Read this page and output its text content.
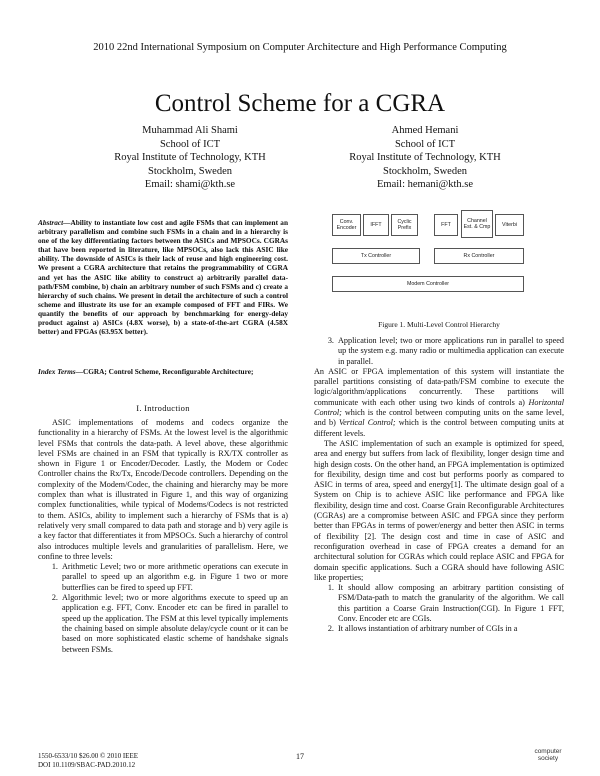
2010 22nd International Symposium on Computer Architecture and High Performance Computing
Control Scheme for a CGRA
Muhammad Ali Shami
School of ICT
Royal Institute of Technology, KTH
Stockholm, Sweden
Email: shami@kth.se
Ahmed Hemani
School of ICT
Royal Institute of Technology, KTH
Stockholm, Sweden
Email: hemani@kth.se
Abstract—Ability to instantiate low cost and agile FSMs that can implement an arbitrary parallelism and combine such FSMs in a chain and in a hierarchy is one of the key differentiating factors between the ASICs and MPSOCs. CGRAs that have been reported in literature, like MPSOCs, also lack this ASIC like ability. The downside of ASICs is their lack of reuse and high engineering cost. We present a CGRA architecture that retains the programmability of CGRA and yet has the ASIC like ability to construct a) arbitrarily parallel data-path/FSM combine, b) chain an arbitrary number of such FSMs and c) create a hierarchy of such chains. We present in detail the architecture of such a control scheme and illustrate its use for an example composed of FFT and FIRs. We quantify the benefits of our approach by benchmarking for energy-delay product against a) ASICs (4.8X worse), b) a state-of-the-art CGRA (4.58X better) and FPGAs (63.95X better).
Index Terms—CGRA; Control Scheme, Reconfigurable Architecture;
I. Introduction

ASIC implementations of modems and codecs organize the functionality in a hierarchy of FSMs. At the lowest level is the algorithmic level FSMs that controls the data-path. A level above, these algorithmic level FSMs are chained in an FSM that typically is RX/TX controller as shown in Figure 1 or Encoder/Decoder. Lastly, the Modem or Codec Controller chains the Rx/Tx, Encode/Decode controllers. Depending on the complexity of the Modem/Codec, the chaining and hierarchy may be more complex than what is illustrated in Figure 1, and this way of organizing complex functionalities, while typical of Modems/Codecs is not restricted to them. ASICs, ability to implement such a hierarchy of FSMs that is a) relatively very small compared to data path and storage and b) very agile is a key factor that differentiates it from MPSOCs. Such a hierarchy of control also introduces multiple levels and granularities of parallelism. Here, we confine to three levels:

1. Arithmetic Level; two or more arithmetic operations can execute in parallel to speed up an algorithm e.g. in Figure 1 two or more butterflies can be fired to speed up FFT.
2. Algorithmic level; two or more algorithms execute to speed up an application e.g. FFT, Conv. Encoder etc can be fired in parallel to speed up the application. The FSM at this level typically implements the chaining based on simple absolute delay/cycle count or it can be based on more sophisticated elastic scheme of handshake signals between FSMs.
Conv. Encoder	IFFT	Cyclic Prefix	FFT
Channel Est. & Cmp	Viterbi
Tx Controller	Rx Controller
Modem Controller
Figure 1. Multi-Level Control Hierarchy
3. Application level; two or more applications run in parallel to speed up the system e.g. many radio or multimedia application can execute in parallel.

An ASIC or FPGA implementation of this system will instantiate the parallel partitions consisting of data-path/FSM combine to execute the logic/algorithm/applications concurrently. These partitions will communicate with each other using two kinds of controls a) Horizontal Control; which is the control between computing units on the same level, and b) Vertical Control; which is the control between computing units at different levels.

The ASIC implementation of such an example is optimized for speed, area and energy but suffers from lack of flexibility, longer design time and high design costs. On the other hand, an FPGA implementation is optimized for flexibility, design time and cost but performs poorly as compared to ASIC in terms of area, speed and energy[1]. The ultimate design goal of a System on Chip is to achieve ASIC like performance and FPGA like flexibility, design time and cost. Coarse Grain Reconfigurable Architectures (CGRAs) are a compromise between ASIC and FPGA since they perform better than FPGAs in terms of power/energy and better then ASIC in terms of flexibility [2]. The design cost and time in case of ASIC and reconfiguration overhead in case of FPGA creates a demand for an architectural solution for CGRAs which could replace ASIC and FPGA for domain specific applications. Such a CGRA should have following ASIC like properties;

1. It should allow composing an arbitrary partition consisting of FSM/Data-path to match the granularity of the algorithm. We call this partition a Coarse Grain Instruction(CGI). In Figure 1 FFT, Conv. Encoder etc are CGIs.
2. It allows instantiation of arbitrary number of CGIs in a
1550-6533/10 $26.00 © 2010 IEEE
DOI 10.1109/SBAC-PAD.2010.12
17
computer
society
